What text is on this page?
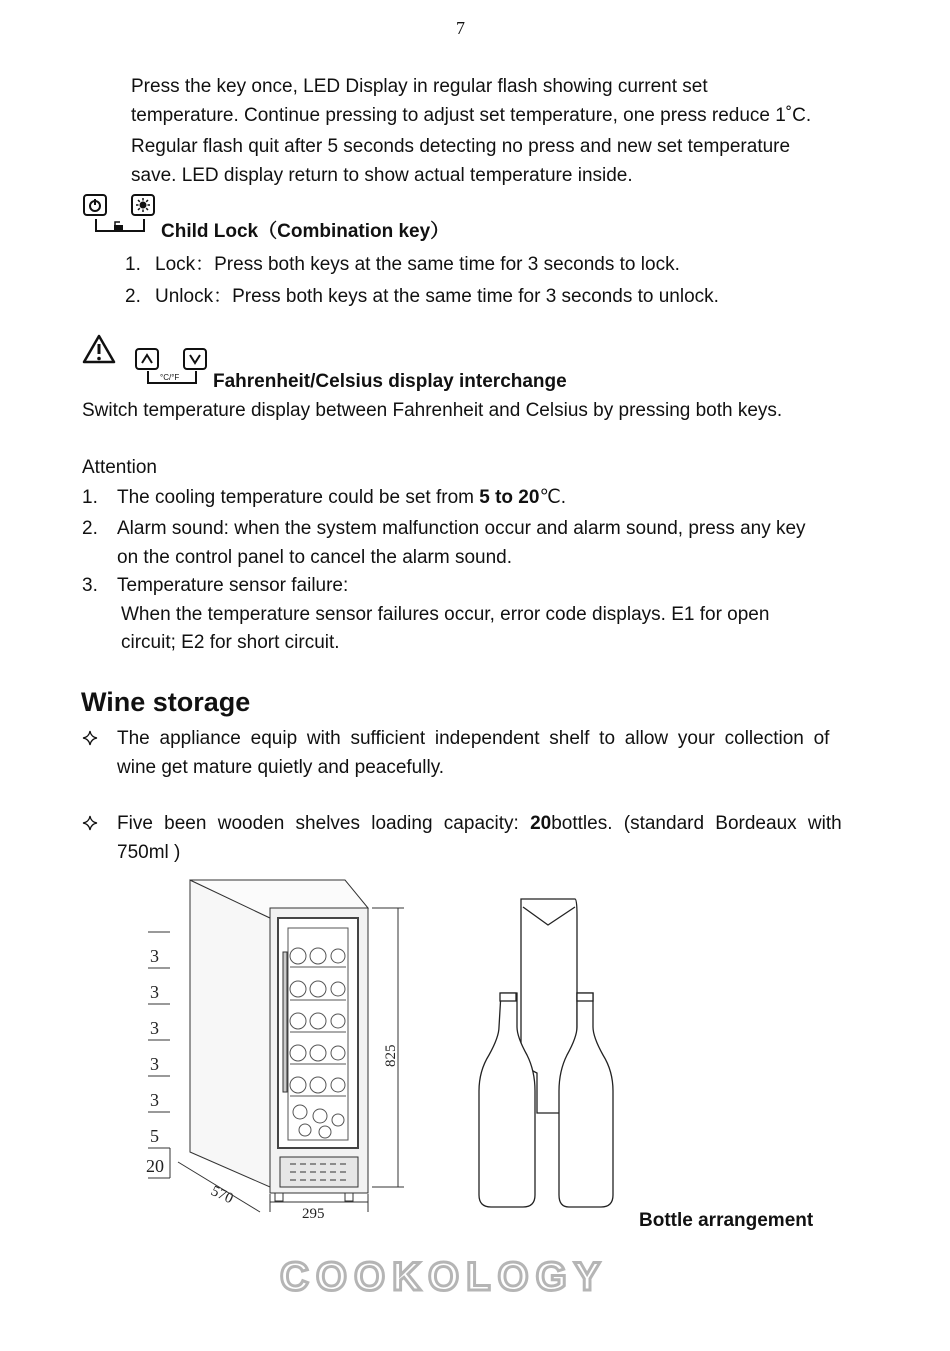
7
Press the key once, LED Display in regular flash showing current set
temperature. Continue pressing to adjust set temperature, one press reduce 1˚C.
Regular flash quit after 5 seconds detecting no press and new set temperature
save. LED display return to show actual temperature inside.
Child Lock（Combination key）
1. Lock：Press both keys at the same time for 3 seconds to lock.
2. Unlock：Press both keys at the same time for 3 seconds to unlock.
°C/°F Fahrenheit/Celsius display interchange
Switch temperature display between Fahrenheit and Celsius by pressing both keys.
Attention
1. The cooling temperature could be set from 5 to 20℃.
2. Alarm sound: when the system malfunction occur and alarm sound, press any key
on the control panel to cancel the alarm sound.
3. Temperature sensor failure:
When the temperature sensor failures occur, error code displays. E1 for open
circuit; E2 for short circuit.
Wine storage
The appliance equip with sufficient independent shelf to allow your collection of
wine get mature quietly and peacefully.
Five been wooden shelves loading capacity: 20bottles. (standard Bordeaux with
750ml )
3
3
3
3
3
5
20
825
570
295	Bottle arrangement
COOKOLOGY
